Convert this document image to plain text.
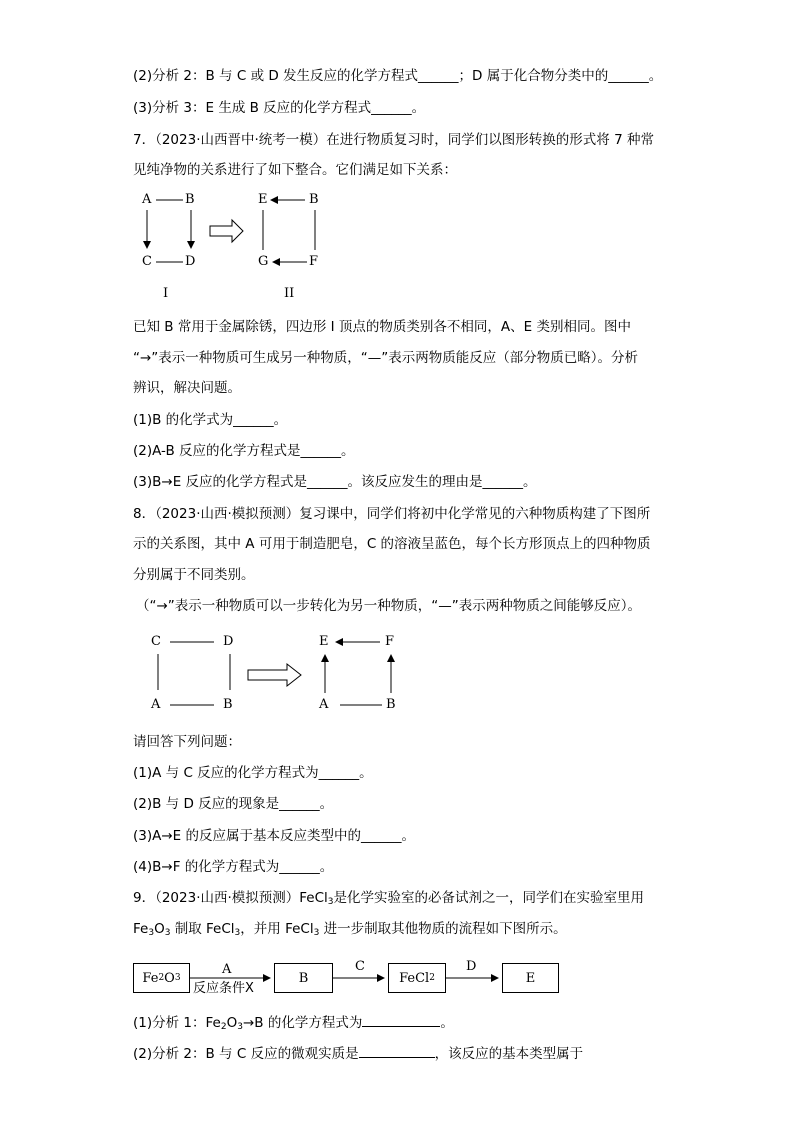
(2)分析 2：B 与 C 或 D 发生反应的化学方程式______；D 属于化合物分类中的______。
(3)分析 3：E 生成 B 反应的化学方程式______。
7．（2023·山西晋中·统考一模）在进行物质复习时，同学们以图形转换的形式将 7 种常
见纯净物的关系进行了如下整合。它们满足如下关系：
A	B
C	D
I
E	B
G	F
II
已知 B 常用于金属除锈，四边形 I 顶点的物质类别各不相同，A、E 类别相同。图中
“→”表示一种物质可生成另一种物质，“—”表示两物质能反应（部分物质已略）。分析
辨识，解决问题。
(1)B 的化学式为______。
(2)A-B 反应的化学方程式是______。
(3)B→E 反应的化学方程式是______。该反应发生的理由是______。
8．（2023·山西·模拟预测）复习课中，同学们将初中化学常见的六种物质构建了下图所
示的关系图，其中 A 可用于制造肥皂，C 的溶液呈蓝色，每个长方形顶点上的四种物质
分别属于不同类别。
（“→”表示一种物质可以一步转化为另一种物质，“—”表示两种物质之间能够反应）。
C	D
A	B
E	F
A	B
请回答下列问题：
(1)A 与 C 反应的化学方程式为______。
(2)B 与 D 反应的现象是______。
(3)A→E 的反应属于基本反应类型中的______。
(4)B→F 的化学方程式为______。
9．（2023·山西·模拟预测）FeCl$_3$是化学实验室的必备试剂之一，同学们在实验室里用
$Fe_3O_3$ 制取 FeCl$_3$，并用 FeCl$_3$ 进一步制取其他物质的流程如下图所示。
Fe 2 O 3
A
反应条件X
B
C
FeCl 2
D
E
(1)分析 1：$Fe_2O_3\to B$ 的化学方程式为	。
(2)分析 2：B 与 C 反应的微观实质是	，该反应的基本类型属于
